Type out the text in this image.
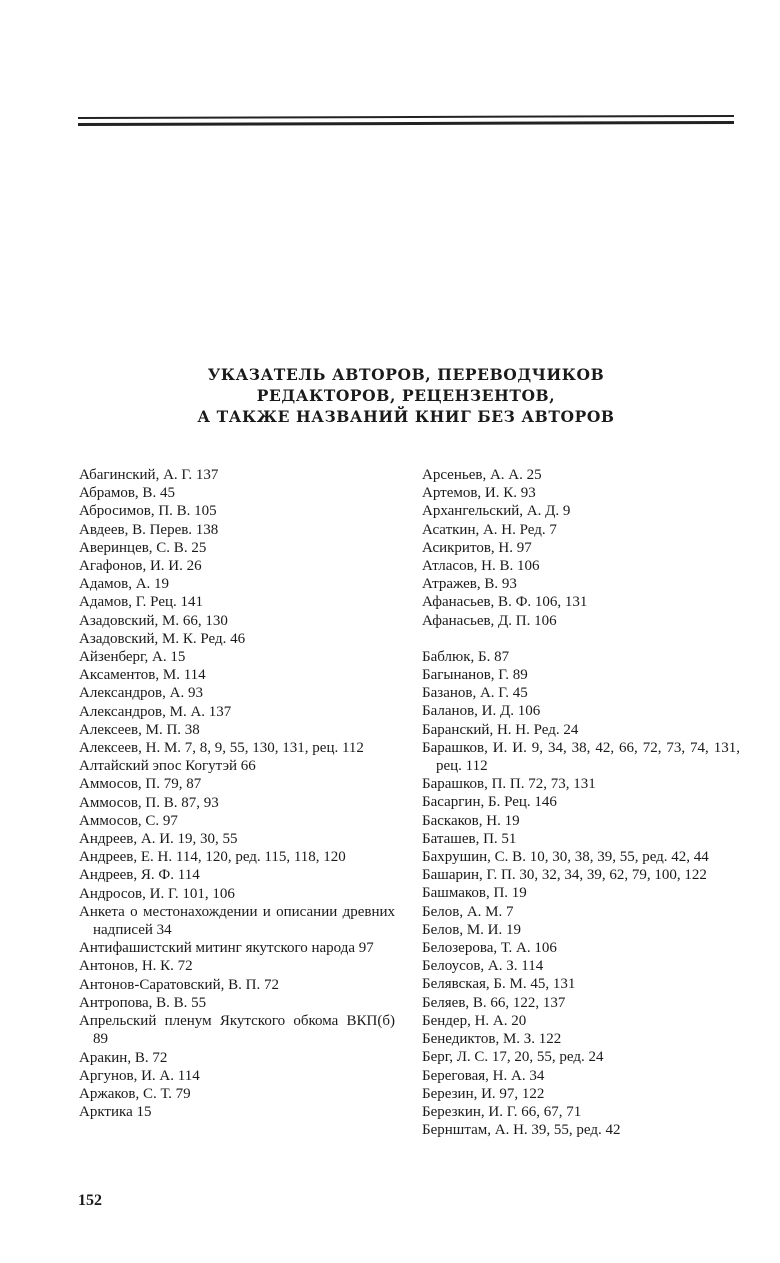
УКАЗАТЕЛЬ АВТОРОВ, ПЕРЕВОДЧИКОВ
РЕДАКТОРОВ, РЕЦЕНЗЕНТОВ,
А ТАКЖЕ НАЗВАНИЙ КНИГ БЕЗ АВТОРОВ
Абагинский, А. Г. 137
Абрамов, В. 45
Абросимов, П. В. 105
Авдеев, В. Перев. 138
Аверинцев, С. В. 25
Агафонов, И. И. 26
Адамов, А. 19
Адамов, Г. Рец. 141
Азадовский, М. 66, 130
Азадовский, М. К. Ред. 46
Айзенберг, А. 15
Аксаментов, М. 114
Александров, А. 93
Александров, М. А. 137
Алексеев, М. П. 38
Алексеев, Н. М. 7, 8, 9, 55, 130, 131, рец. 112
Алтайский эпос Когутэй 66
Аммосов, П. 79, 87
Аммосов, П. В. 87, 93
Аммосов, С. 97
Андреев, А. И. 19, 30, 55
Андреев, Е. Н. 114, 120, ред. 115, 118, 120
Андреев, Я. Ф. 114
Андросов, И. Г. 101, 106
Анкета о местонахождении и описании древних надписей 34
Антифашистский митинг якутского народа 97
Антонов, Н. К. 72
Антонов-Саратовский, В. П. 72
Антропова, В. В. 55
Апрельский пленум Якутского обкома ВКП(б) 89
Аракин, В. 72
Аргунов, И. А. 114
Аржаков, С. Т. 79
Арктика 15
Арсеньев, А. А. 25
Артемов, И. К. 93
Архангельский, А. Д. 9
Асаткин, А. Н. Ред. 7
Асикритов, Н. 97
Атласов, Н. В. 106
Атражев, В. 93
Афанасьев, В. Ф. 106, 131
Афанасьев, Д. П. 106
Баблюк, Б. 87
Багынанов, Г. 89
Базанов, А. Г. 45
Баланов, И. Д. 106
Баранский, Н. Н. Ред. 24
Барашков, И. И. 9, 34, 38, 42, 66, 72, 73, 74, 131, рец. 112
Барашков, П. П. 72, 73, 131
Басаргин, Б. Рец. 146
Баскаков, Н. 19
Баташев, П. 51
Бахрушин, С. В. 10, 30, 38, 39, 55, ред. 42, 44
Башарин, Г. П. 30, 32, 34, 39, 62, 79, 100, 122
Башмаков, П. 19
Белов, А. М. 7
Белов, М. И. 19
Белозерова, Т. А. 106
Белоусов, А. З. 114
Белявская, Б. М. 45, 131
Беляев, В. 66, 122, 137
Бендер, Н. А. 20
Бенедиктов, М. З. 122
Берг, Л. С. 17, 20, 55, ред. 24
Береговая, Н. А. 34
Березин, И. 97, 122
Березкин, И. Г. 66, 67, 71
Бернштам, А. Н. 39, 55, ред. 42
152
